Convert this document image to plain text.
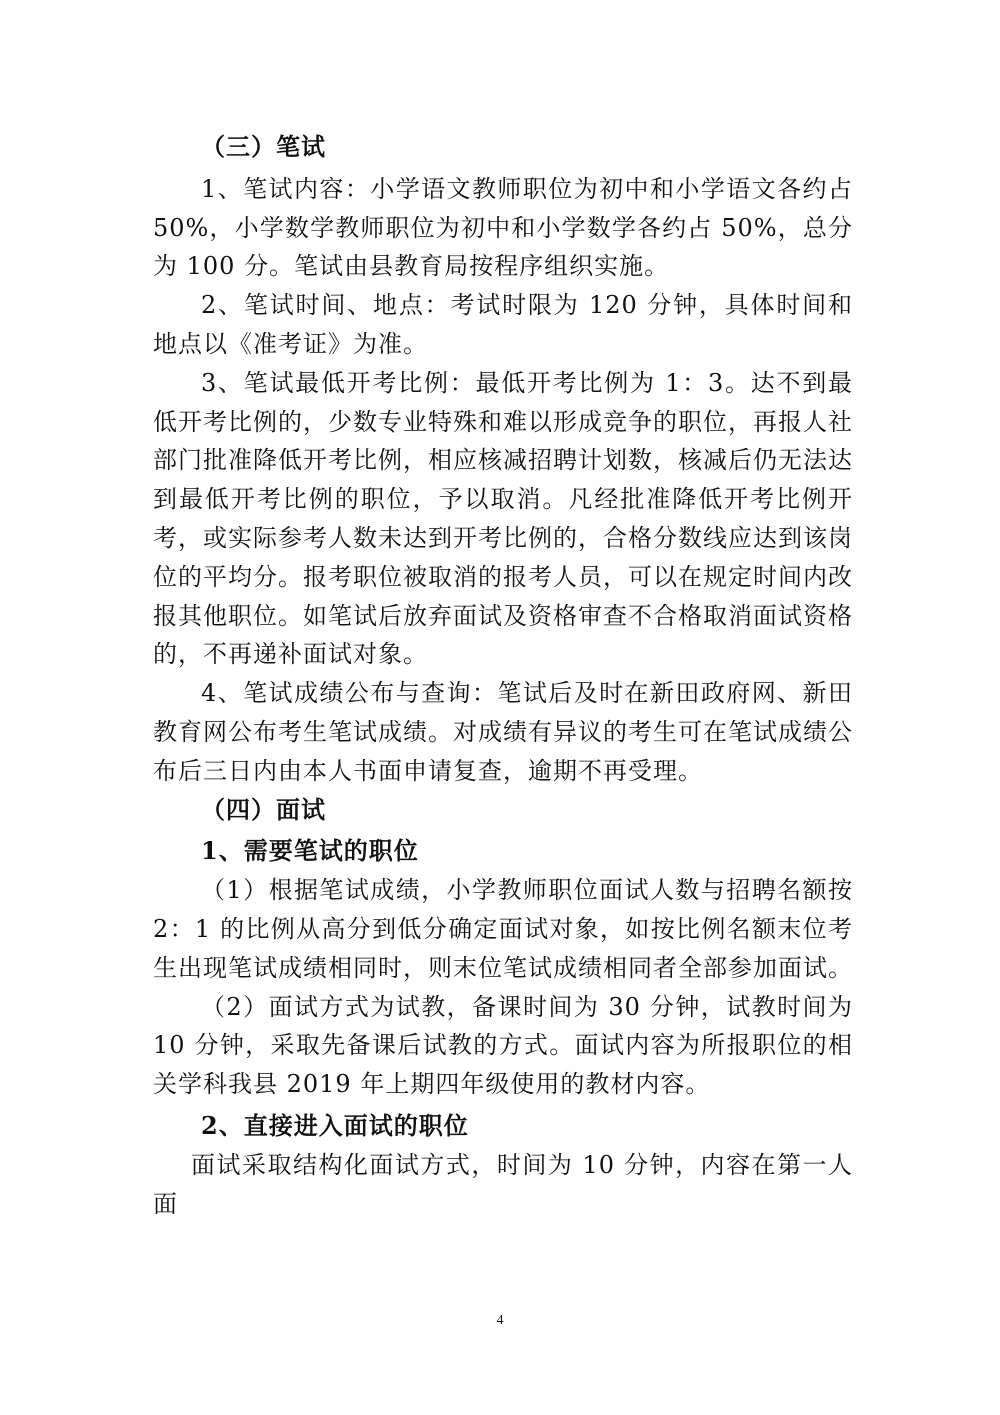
（三）笔试

1、笔试内容：小学语文教师职位为初中和小学语文各约占 50%，小学数学教师职位为初中和小学数学各约占 50%，总分为 100 分。笔试由县教育局按程序组织实施。

2、笔试时间、地点：考试时限为 120 分钟，具体时间和地点以《准考证》为准。

3、笔试最低开考比例：最低开考比例为 1：3。达不到最低开考比例的，少数专业特殊和难以形成竞争的职位，再报人社部门批准降低开考比例，相应核减招聘计划数，核减后仍无法达到最低开考比例的职位，予以取消。凡经批准降低开考比例开考，或实际参考人数未达到开考比例的，合格分数线应达到该岗位的平均分。报考职位被取消的报考人员，可以在规定时间内改报其他职位。如笔试后放弃面试及资格审查不合格取消面试资格的，不再递补面试对象。

4、笔试成绩公布与查询：笔试后及时在新田政府网、新田教育网公布考生笔试成绩。对成绩有异议的考生可在笔试成绩公布后三日内由本人书面申请复查，逾期不再受理。

（四）面试

1、需要笔试的职位

（1）根据笔试成绩，小学教师职位面试人数与招聘名额按 2：1 的比例从高分到低分确定面试对象，如按比例名额末位考生出现笔试成绩相同时，则末位笔试成绩相同者全部参加面试。

（2）面试方式为试教，备课时间为 30 分钟，试教时间为 10 分钟，采取先备课后试教的方式。面试内容为所报职位的相关学科我县 2019 年上期四年级使用的教材内容。

2、直接进入面试的职位

面试采取结构化面试方式，时间为 10 分钟，内容在第一人面

4
